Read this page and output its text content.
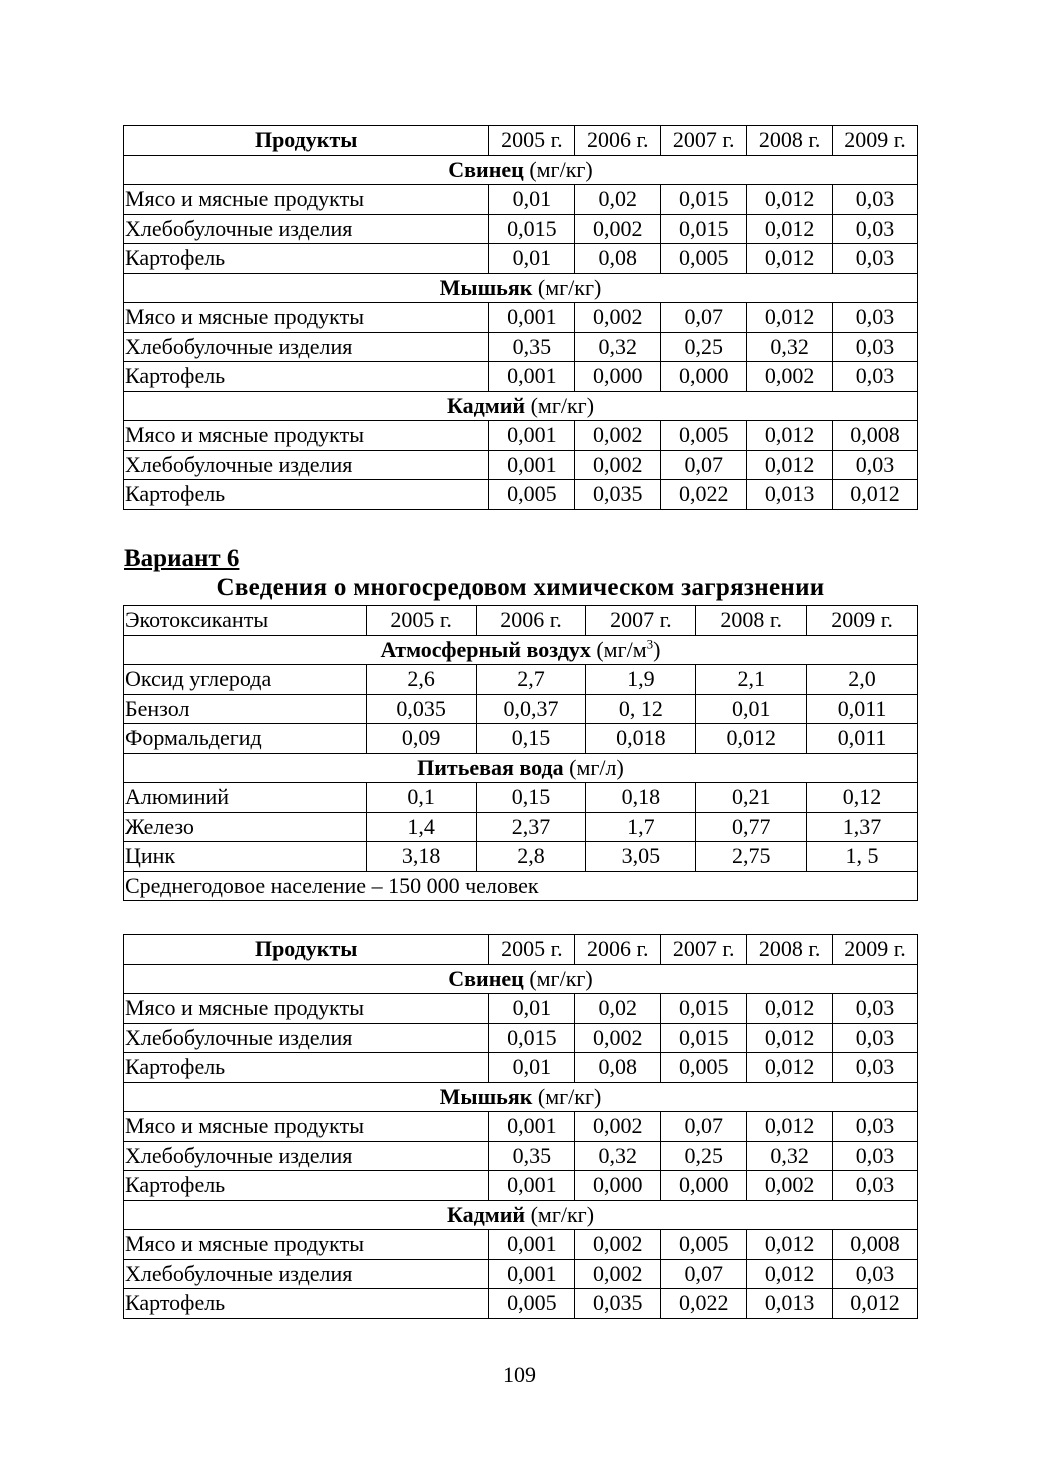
Продукты	2005 г.	2006 г.	2007 г.	2008 г.	2009 г.
Свинец (мг/кг)					
Мясо и мясные продукты	0,01	0,02	0,015	0,012	0,03
Хлебобулочные изделия	0,015	0,002	0,015	0,012	0,03
Картофель	0,01	0,08	0,005	0,012	0,03
Мышьяк (мг/кг)					
Мясо и мясные продукты	0,001	0,002	0,07	0,012	0,03
Хлебобулочные изделия	0,35	0,32	0,25	0,32	0,03
Картофель	0,001	0,000	0,000	0,002	0,03
Кадмий (мг/кг)					
Мясо и мясные продукты	0,001	0,002	0,005	0,012	0,008
Хлебобулочные изделия	0,001	0,002	0,07	0,012	0,03
Картофель	0,005	0,035	0,022	0,013	0,012
Вариант 6
Сведения о многосредовом химическом загрязнении
Экотоксиканты	2005 г.	2006 г.	2007 г.	2008 г.	2009 г.
Атмосферный воздух $(мг/м^3)$					
Оксид углерода	2,6	2,7	1,9	2,1	2,0
Бензол	0,035	0,0,37	0, 12	0,01	0,011
Формальдегид	0,09	0,15	0,018	0,012	0,011
Питьевая вода (мг/л)					
Алюминий	0,1	0,15	0,18	0,21	0,12
Железо	1,4	2,37	1,7	0,77	1,37
Цинк	3,18	2,8	3,05	2,75	1, 5
Среднегодовое население – 150 000 человек					
Продукты	2005 г.	2006 г.	2007 г.	2008 г.	2009 г.
Свинец (мг/кг)					
Мясо и мясные продукты	0,01	0,02	0,015	0,012	0,03
Хлебобулочные изделия	0,015	0,002	0,015	0,012	0,03
Картофель	0,01	0,08	0,005	0,012	0,03
Мышьяк (мг/кг)					
Мясо и мясные продукты	0,001	0,002	0,07	0,012	0,03
Хлебобулочные изделия	0,35	0,32	0,25	0,32	0,03
Картофель	0,001	0,000	0,000	0,002	0,03
Кадмий (мг/кг)					
Мясо и мясные продукты	0,001	0,002	0,005	0,012	0,008
Хлебобулочные изделия	0,001	0,002	0,07	0,012	0,03
Картофель	0,005	0,035	0,022	0,013	0,012
109
